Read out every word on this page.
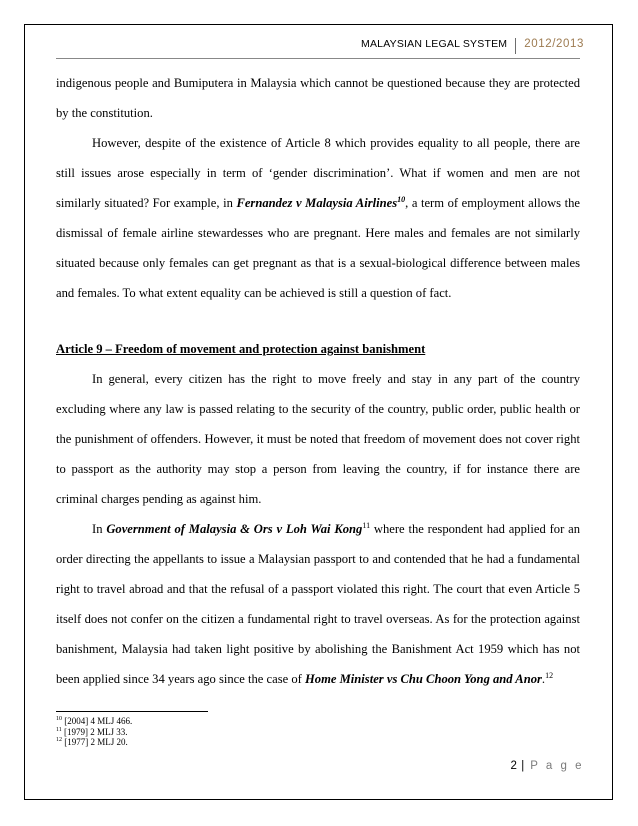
MALAYSIAN LEGAL SYSTEM	2012/2013

indigenous people and Bumiputera in Malaysia which cannot be questioned because they are protected by the constitution.

However, despite of the existence of Article 8 which provides equality to all people, there are still issues arose especially in term of ‘gender discrimination’. What if women and men are not similarly situated? For example, in Fernandez v Malaysia Airlines$^{10}$, a term of employment allows the dismissal of female airline stewardesses who are pregnant. Here males and females are not similarly situated because only females can get pregnant as that is a sexual-biological difference between males and females. To what extent equality can be achieved is still a question of fact.

Article 9 – Freedom of movement and protection against banishment

In general, every citizen has the right to move freely and stay in any part of the country excluding where any law is passed relating to the security of the country, public order, public health or the punishment of offenders. However, it must be noted that freedom of movement does not cover right to passport as the authority may stop a person from leaving the country, if for instance there are criminal charges pending as against him.

In Government of Malaysia & Ors v Loh Wai Kong$^{11}$ where the respondent had applied for an order directing the appellants to issue a Malaysian passport to and contended that he had a fundamental right to travel abroad and that the refusal of a passport violated this right. The court that even Article 5 itself does not confer on the citizen a fundamental right to travel overseas. As for the protection against banishment, Malaysia had taken light positive by abolishing the Banishment Act 1959 which has not been applied since 34 years ago since the case of Home Minister vs Chu Choon Yong and Anor.$^{12}$

$^{10}$ [2004] 4 MLJ 466.
$^{11}$ [1979] 2 MLJ 33.
$^{12}$ [1977] 2 MLJ 20.
2 | P a g e
